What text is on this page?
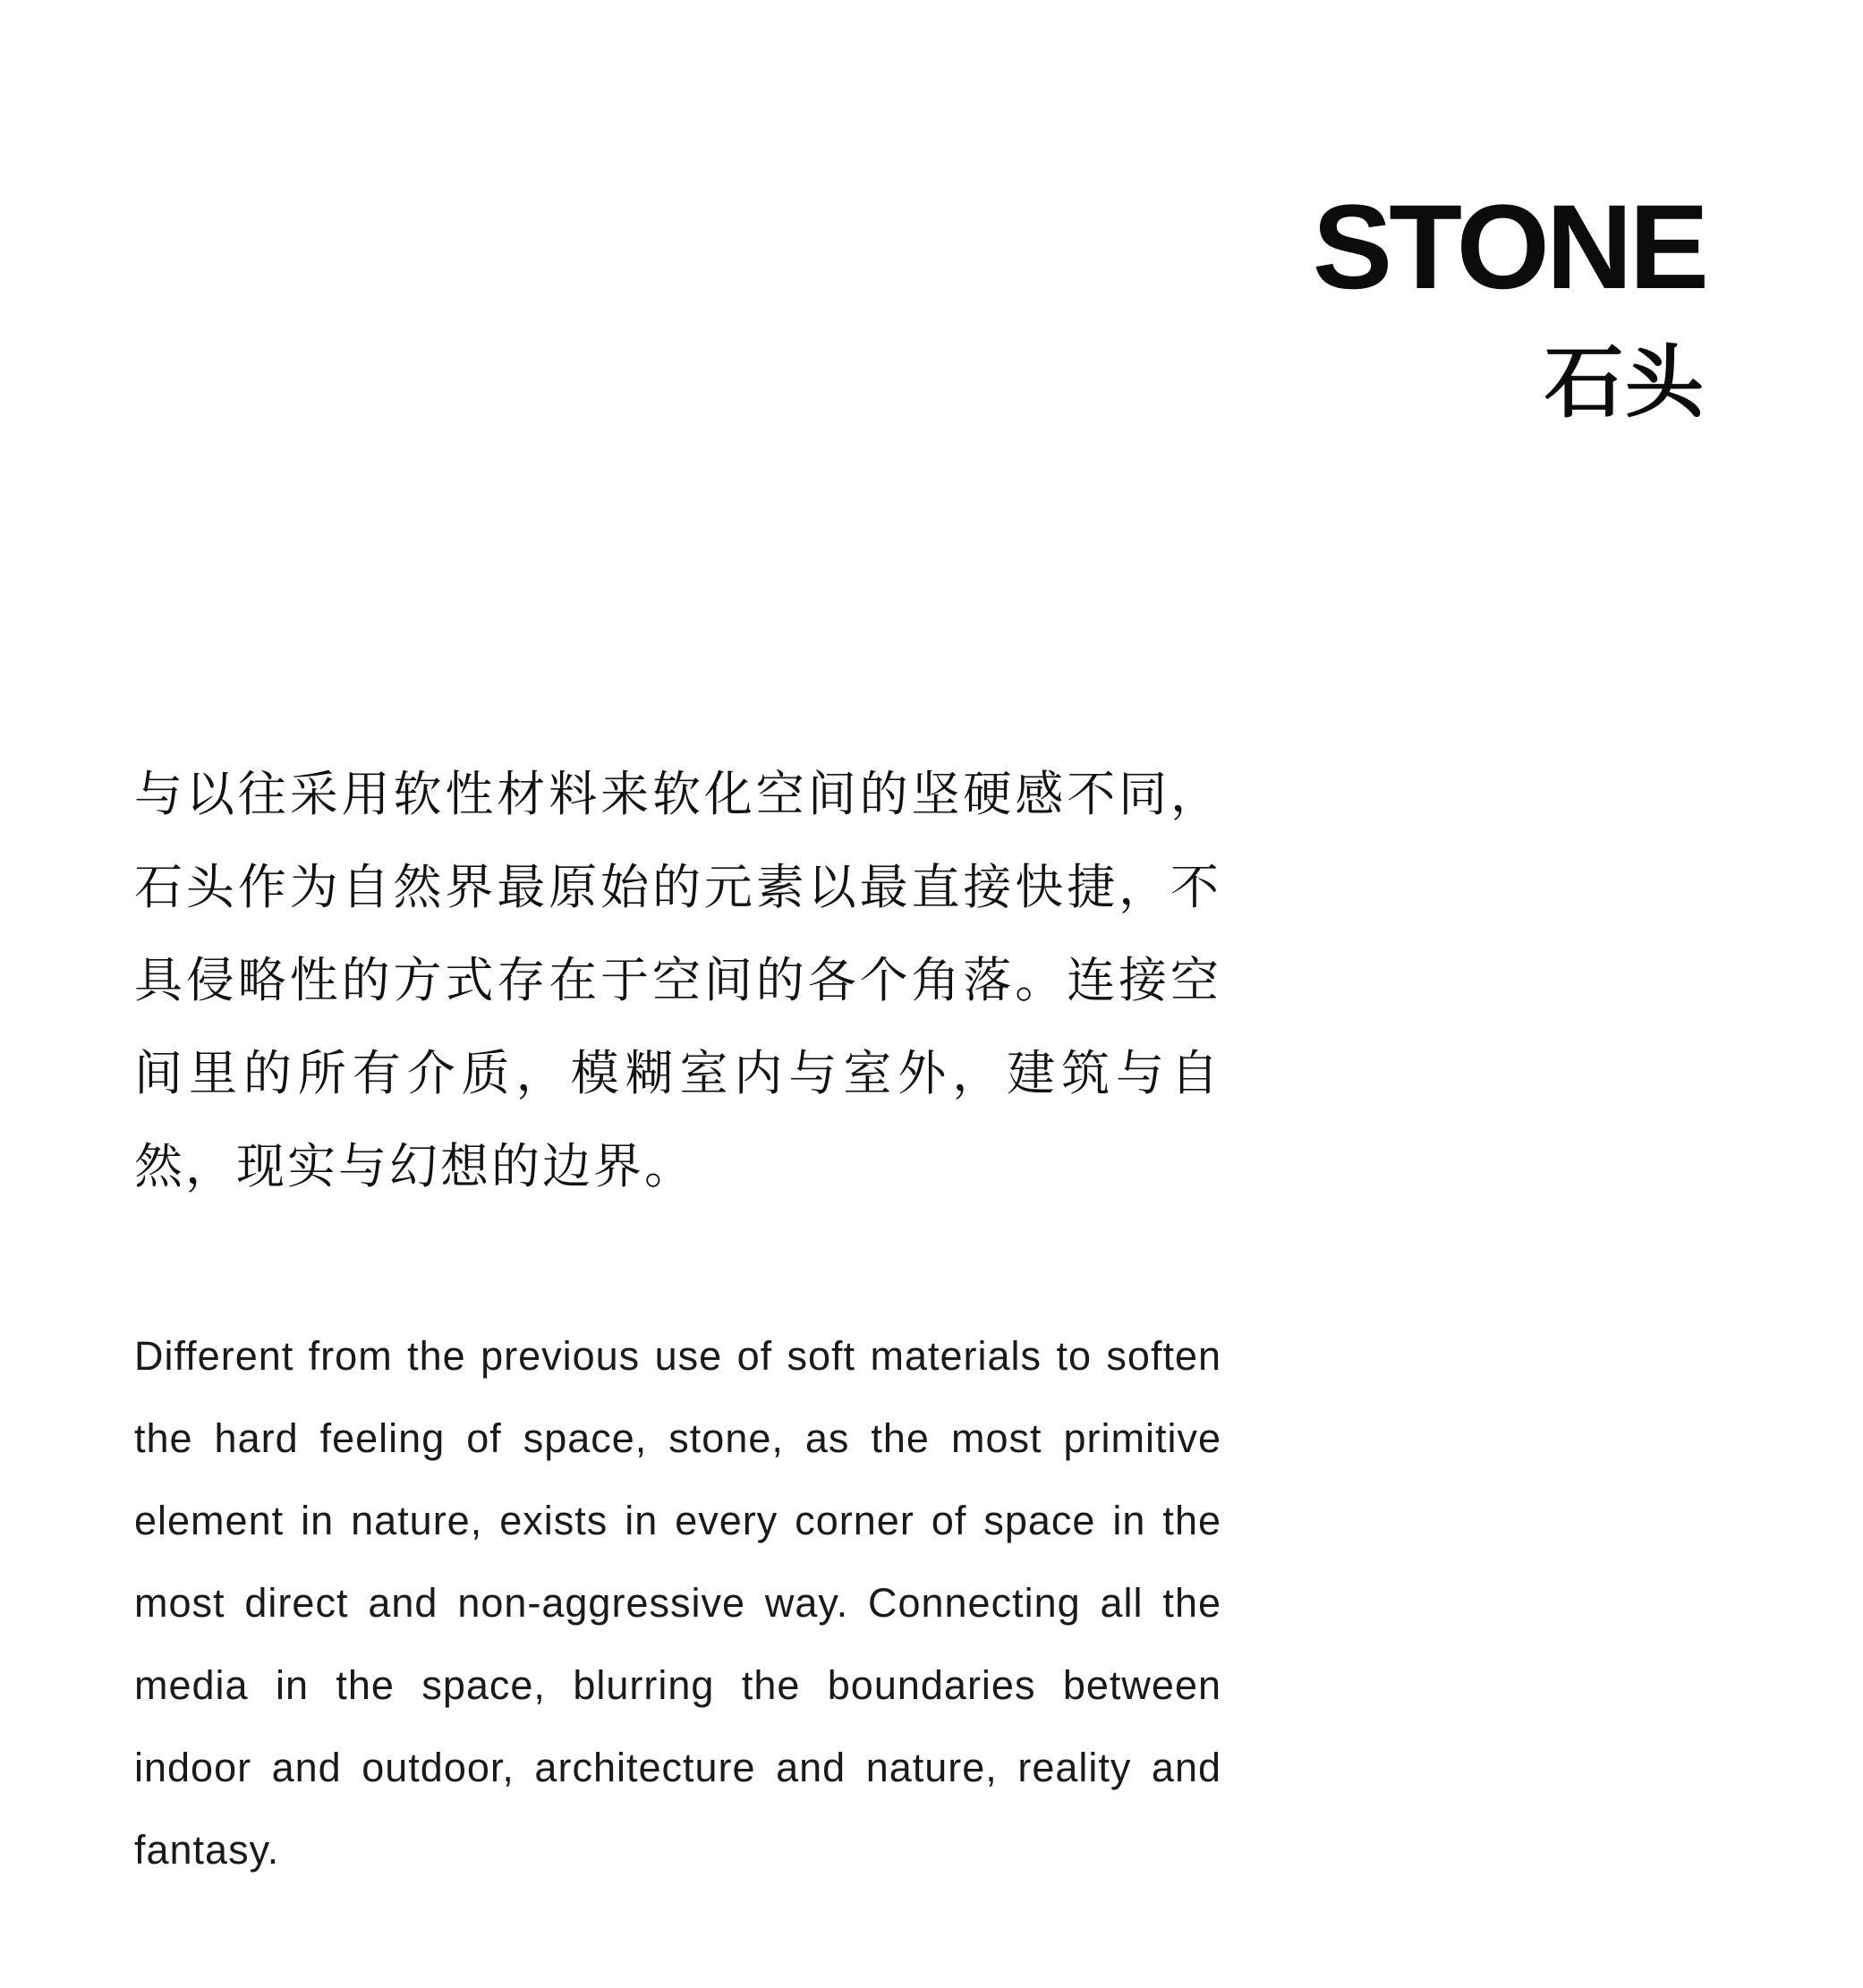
STONE
石头

与以往采用软性材料来软化空间的坚硬感不同，石头作为自然界最原始的元素以最直接快捷，不具侵略性的方式存在于空间的各个角落。连接空间里的所有介质，模糊室内与室外，建筑与自然，现实与幻想的边界。

Different from the previous use of soft materials to soften the hard feeling of space, stone, as the most primitive element in nature, exists in every corner of space in the most direct and non-aggressive way. Connecting all the media in the space, blurring the boundaries between indoor and outdoor, architecture and nature, reality and fantasy.
